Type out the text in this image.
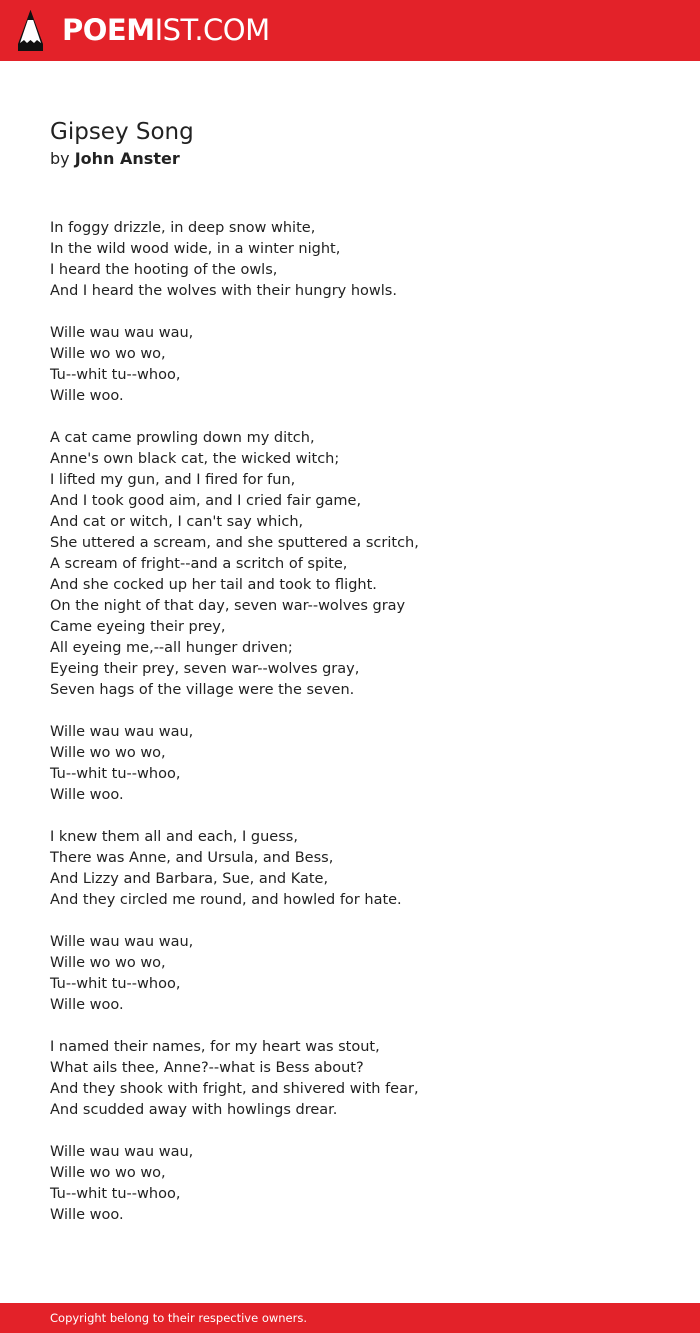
POEMIST.COM
Gipsey Song
by John Anster
In foggy drizzle, in deep snow white,
In the wild wood wide, in a winter night,
I heard the hooting of the owls,
And I heard the wolves with their hungry howls.
Wille wau wau wau,
Wille wo wo wo,
Tu--whit tu--whoo,
Wille woo.
A cat came prowling down my ditch,
Anne's own black cat, the wicked witch;
I lifted my gun, and I fired for fun,
And I took good aim, and I cried fair game,
And cat or witch, I can't say which,
She uttered a scream, and she sputtered a scritch,
A scream of fright--and a scritch of spite,
And she cocked up her tail and took to flight.
On the night of that day, seven war--wolves gray
Came eyeing their prey,
All eyeing me,--all hunger driven;
Eyeing their prey, seven war--wolves gray,
Seven hags of the village were the seven.
Wille wau wau wau,
Wille wo wo wo,
Tu--whit tu--whoo,
Wille woo.
I knew them all and each, I guess,
There was Anne, and Ursula, and Bess,
And Lizzy and Barbara, Sue, and Kate,
And they circled me round, and howled for hate.
Wille wau wau wau,
Wille wo wo wo,
Tu--whit tu--whoo,
Wille woo.
I named their names, for my heart was stout,
What ails thee, Anne?--what is Bess about?
And they shook with fright, and shivered with fear,
And scudded away with howlings drear.
Wille wau wau wau,
Wille wo wo wo,
Tu--whit tu--whoo,
Wille woo.
Copyright belong to their respective owners.
